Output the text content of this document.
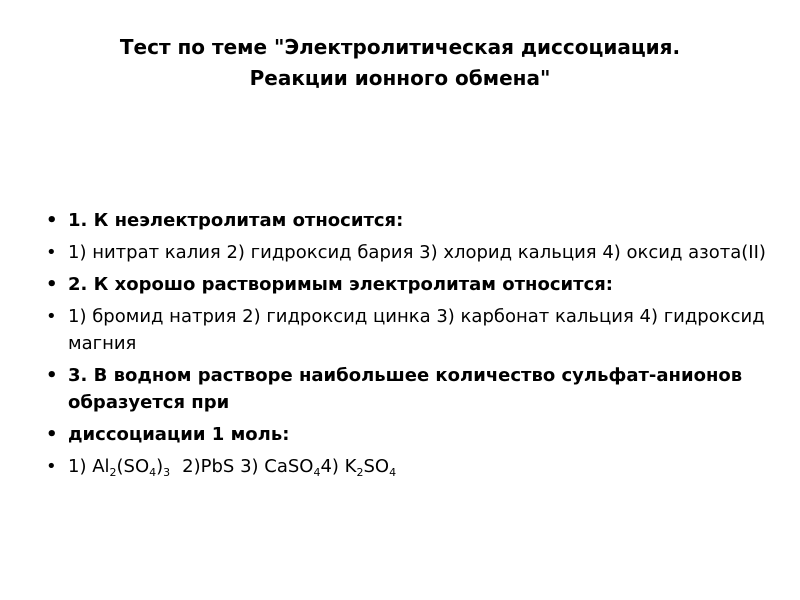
Тест по теме "Электролитическая диссоциация.
Реакции ионного обмена"
• 1. К неэлектролитам относится:
• 1) нитрат калия 2) гидроксид бария 3) хлорид кальция 4) оксид азота(II)
• 2. К хорошо растворимым электролитам относится:
• 1) бромид натрия 2) гидроксид цинка 3) карбонат кальция 4) гидроксид магния
• 3. В водном растворе наибольшее количество сульфат-анионов образуется при
• диссоциации 1 моль:
• 1) $Al_2(SO_4)_3$ 2)PbS 3) CaSO$_4$4) $K_2SO_4$
